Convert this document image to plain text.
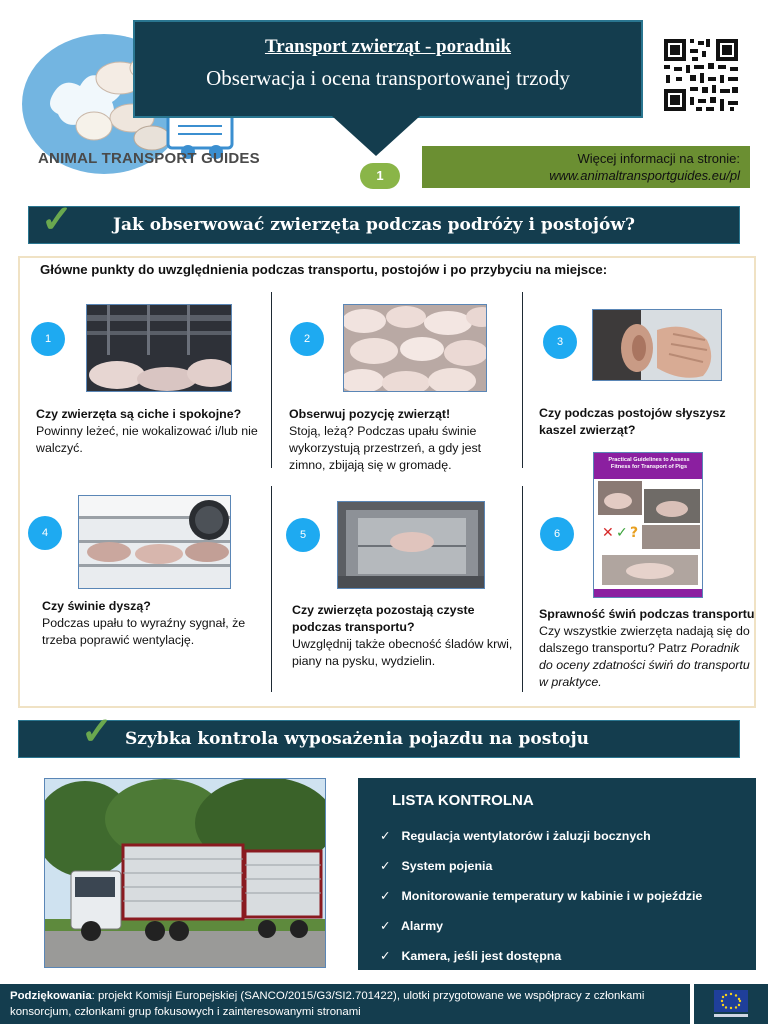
ANIMAL TRANSPORT GUIDES
Transport zwierząt - poradnik
Obserwacja i ocena transportowanej trzody
1
Więcej informacji na stronie:
www.animaltransportguides.eu/pl
✓ Jak obserwować zwierzęta podczas podróży i postojów?
Główne punkty do uwzględnienia podczas transportu, postojów i po przybyciu na miejsce:
1
Czy zwierzęta są ciche i spokojne?
Powinny leżeć, nie wokalizować i/lub nie walczyć.
2
Obserwuj pozycję zwierząt!
Stoją, leżą? Podczas upału świnie wykorzystują przestrzeń, a gdy jest zimno, zbijają się w gromadę.
3
Czy podczas postojów słyszysz kaszel zwierząt?
4
Czy świnie dyszą?
Podczas upału to wyraźny sygnał, że trzeba poprawić wentylację.
5
Czy zwierzęta pozostają czyste podczas transportu?
Uwzględnij także obecność śladów krwi, piany na pysku, wydzielin.
6
Practical Guidelines to Assess Fitness for Transport of Pigs
✕ ✓ ?
Sprawność świń podczas transportu
Czy wszystkie zwierzęta nadają się do dalszego transportu? Patrz Poradnik do oceny zdatności świń do transportu w praktyce.
✓ Szybka kontrola wyposażenia pojazdu na postoju
LISTA KONTROLNA
✓ Regulacja wentylatorów i żaluzji bocznych
✓ System pojenia
✓ Monitorowanie temperatury w kabinie i w pojeździe
✓ Alarmy
✓ Kamera, jeśli jest dostępna
Podziękowania: projekt Komisji Europejskiej (SANCO/2015/G3/SI2.701422), ulotki przygotowane we współpracy z członkami konsorcjum, członkami grup fokusowych i zainteresowanymi stronami
